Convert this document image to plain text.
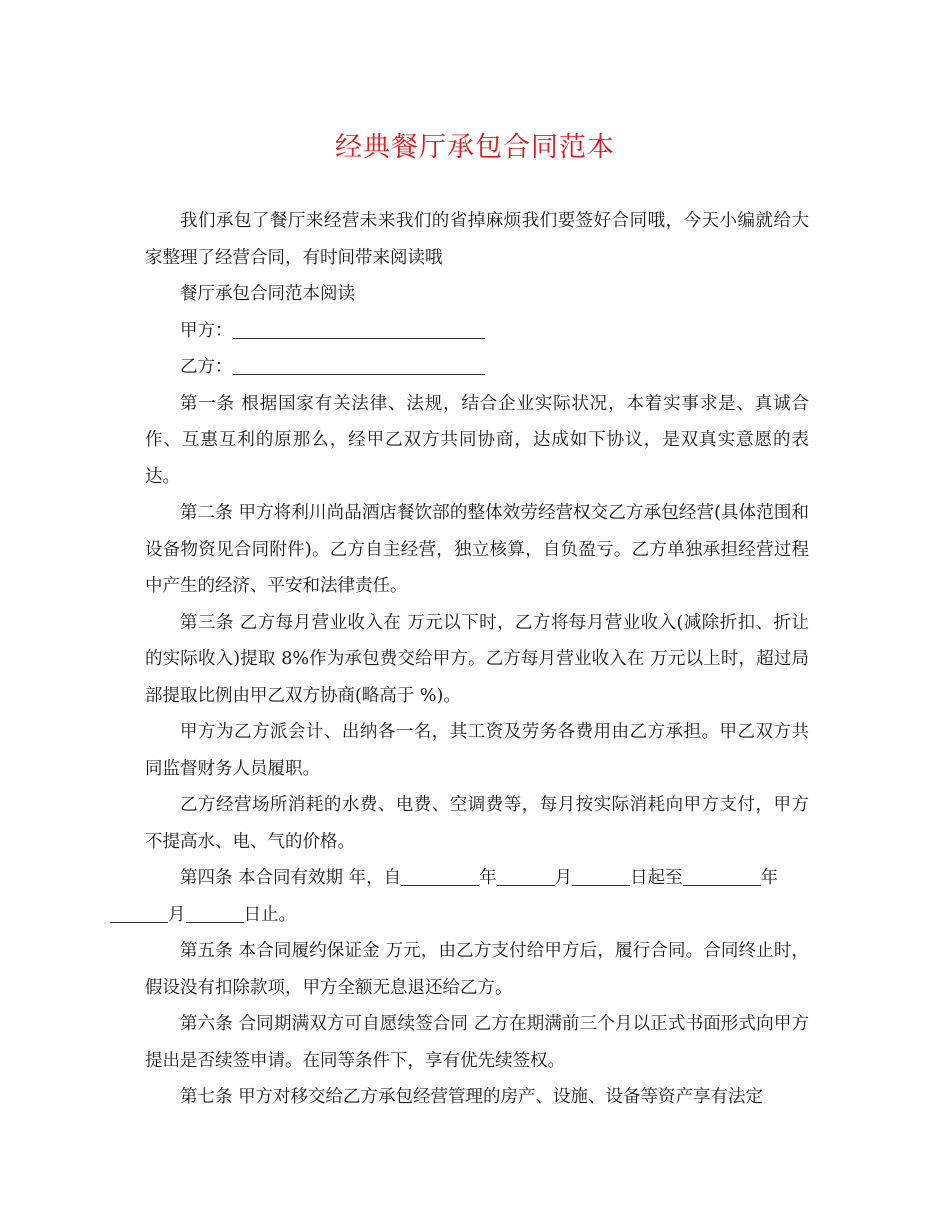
经典餐厅承包合同范本

我们承包了餐厅来经营未来我们的省掉麻烦我们要签好合同哦，今天小编就给大家整理了经营合同，有时间带来阅读哦

餐厅承包合同范本阅读

甲方：

乙方：

第一条 根据国家有关法律、法规，结合企业实际状况，本着实事求是、真诚合作、互惠互利的原那么，经甲乙双方共同协商，达成如下协议，是双真实意愿的表达。

第二条 甲方将利川尚品酒店餐饮部的整体效劳经营权交乙方承包经营(具体范围和设备物资见合同附件)。乙方自主经营，独立核算，自负盈亏。乙方单独承担经营过程中产生的经济、平安和法律责任。

第三条 乙方每月营业收入在 万元以下时，乙方将每月营业收入(减除折扣、折让的实际收入)提取 8%作为承包费交给甲方。乙方每月营业收入在 万元以上时，超过局部提取比例由甲乙双方协商(略高于 %)。

甲方为乙方派会计、出纳各一名，其工资及劳务各费用由乙方承担。甲乙双方共同监督财务人员履职。

乙方经营场所消耗的水费、电费、空调费等，每月按实际消耗向甲方支付，甲方不提高水、电、气的价格。

第四条 本合同有效期 年，自	年	月	日起至	年
月	日止。

第五条 本合同履约保证金 万元，由乙方支付给甲方后，履行合同。合同终止时，假设没有扣除款项，甲方全额无息退还给乙方。

第六条 合同期满双方可自愿续签合同 乙方在期满前三个月以正式书面形式向甲方提出是否续签申请。在同等条件下，享有优先续签权。

第七条 甲方对移交给乙方承包经营管理的房产、设施、设备等资产享有法定
